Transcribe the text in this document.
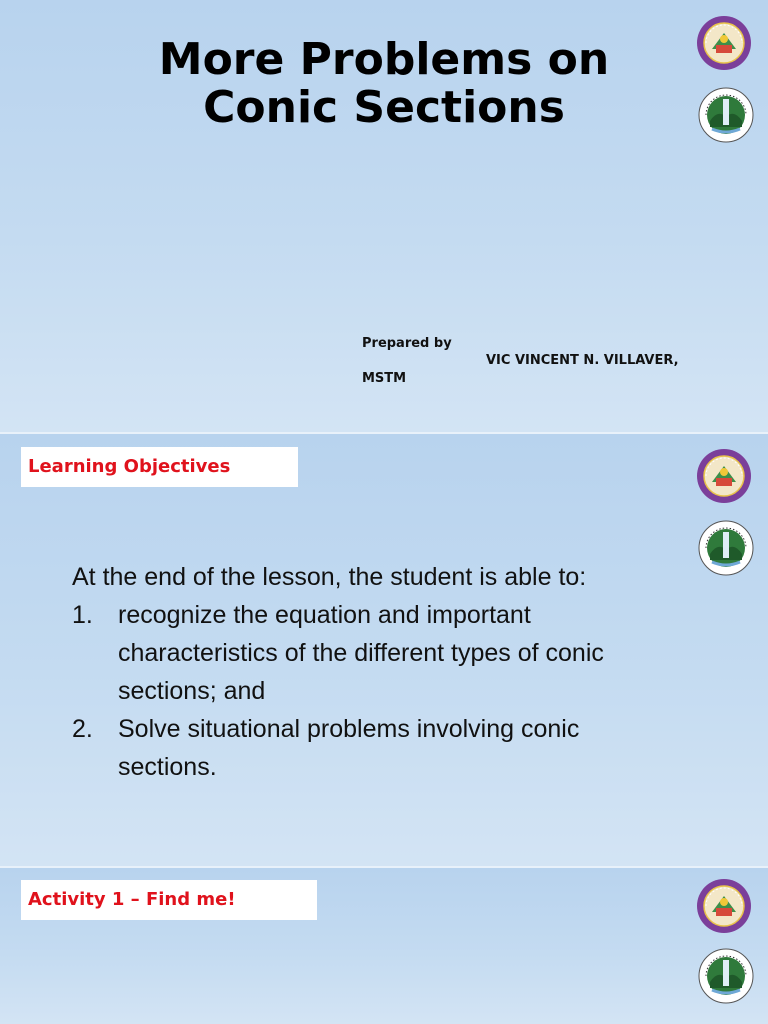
More Problems on
Conic Sections
Prepared by
VIC VINCENT N. VILLAVER,
MSTM
Learning Objectives
At the end of the lesson, the student is able to:
1. recognize the equation and important characteristics of the different types of conic sections; and
2. Solve situational problems involving conic sections.
Activity 1 – Find me!
